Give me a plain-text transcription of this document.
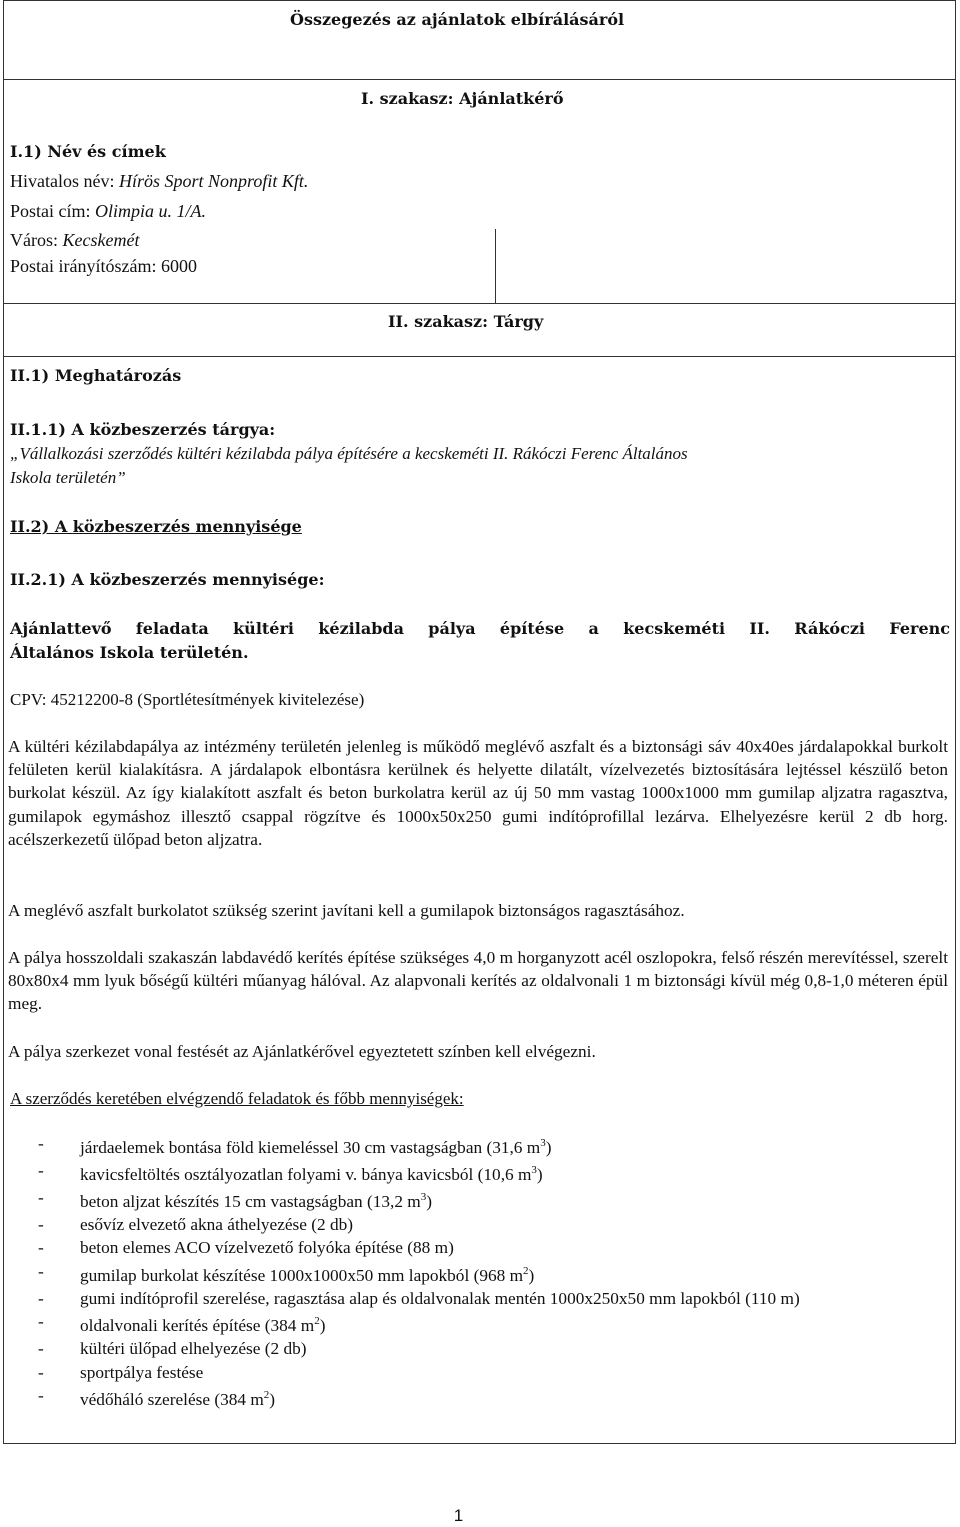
Összegezés az ajánlatok elbírálásáról
I. szakasz: Ajánlatkérő
I.1) Név és címek
Hivatalos név: Hírös Sport Nonprofit Kft.
Postai cím: Olimpia u. 1/A.
Város: Kecskemét
Postai irányítószám: 6000
II. szakasz: Tárgy
II.1) Meghatározás
II.1.1) A közbeszerzés tárgya:
„Vállalkozási szerződés kültéri kézilabda pálya építésére a kecskeméti II. Rákóczi Ferenc Általános
Iskola területén”
II.2) A közbeszerzés mennyisége
II.2.1) A közbeszerzés mennyisége:
Ajánlattevő feladata kültéri kézilabda pálya építése a kecskeméti II. Rákóczi Ferenc
Általános Iskola területén.
CPV: 45212200-8 (Sportlétesítmények kivitelezése)
A kültéri kézilabdapálya az intézmény területén jelenleg is működő meglévő aszfalt és a biztonsági sáv 40x40es járdalapokkal burkolt felületen kerül kialakításra. A járdalapok elbontásra kerülnek és helyette dilatált, vízelvezetés biztosítására lejtéssel készülő beton burkolat készül. Az így kialakított aszfalt és beton burkolatra kerül az új 50 mm vastag 1000x1000 mm gumilap aljzatra ragasztva, gumilapok egymáshoz illesztő csappal rögzítve és 1000x50x250 gumi indítóprofillal lezárva. Elhelyezésre kerül 2 db horg. acélszerkezetű ülőpad beton aljzatra.
A meglévő aszfalt burkolatot szükség szerint javítani kell a gumilapok biztonságos ragasztásához.
A pálya hosszoldali szakaszán labdavédő kerítés építése szükséges 4,0 m horganyzott acél oszlopokra, felső részén merevítéssel, szerelt 80x80x4 mm lyuk bőségű kültéri műanyag hálóval. Az alapvonali kerítés az oldalvonali 1 m biztonsági kívül még 0,8-1,0 méteren épül meg.
A pálya szerkezet vonal festését az Ajánlatkérővel egyeztetett színben kell elvégezni.
A szerződés keretében elvégzendő feladatok és főbb mennyiségek:
- járdaelemek bontása föld kiemeléssel 30 cm vastagságban (31,6 $m^3$)
- kavicsfeltöltés osztályozatlan folyami v. bánya kavicsból (10,6 $m^3$)
- beton aljzat készítés 15 cm vastagságban (13,2 $m^3$)
- esővíz elvezető akna áthelyezése (2 db)
- beton elemes ACO vízelvezető folyóka építése (88 m)
- gumilap burkolat készítése 1000x1000x50 mm lapokból (968 $m^2$)
- gumi indítóprofil szerelése, ragasztása alap és oldalvonalak mentén 1000x250x50 mm lapokból (110 m)
- oldalvonali kerítés építése (384 $m^2$)
- kültéri ülőpad elhelyezése (2 db)
- sportpálya festése
- védőháló szerelése (384 $m^2$)
1
